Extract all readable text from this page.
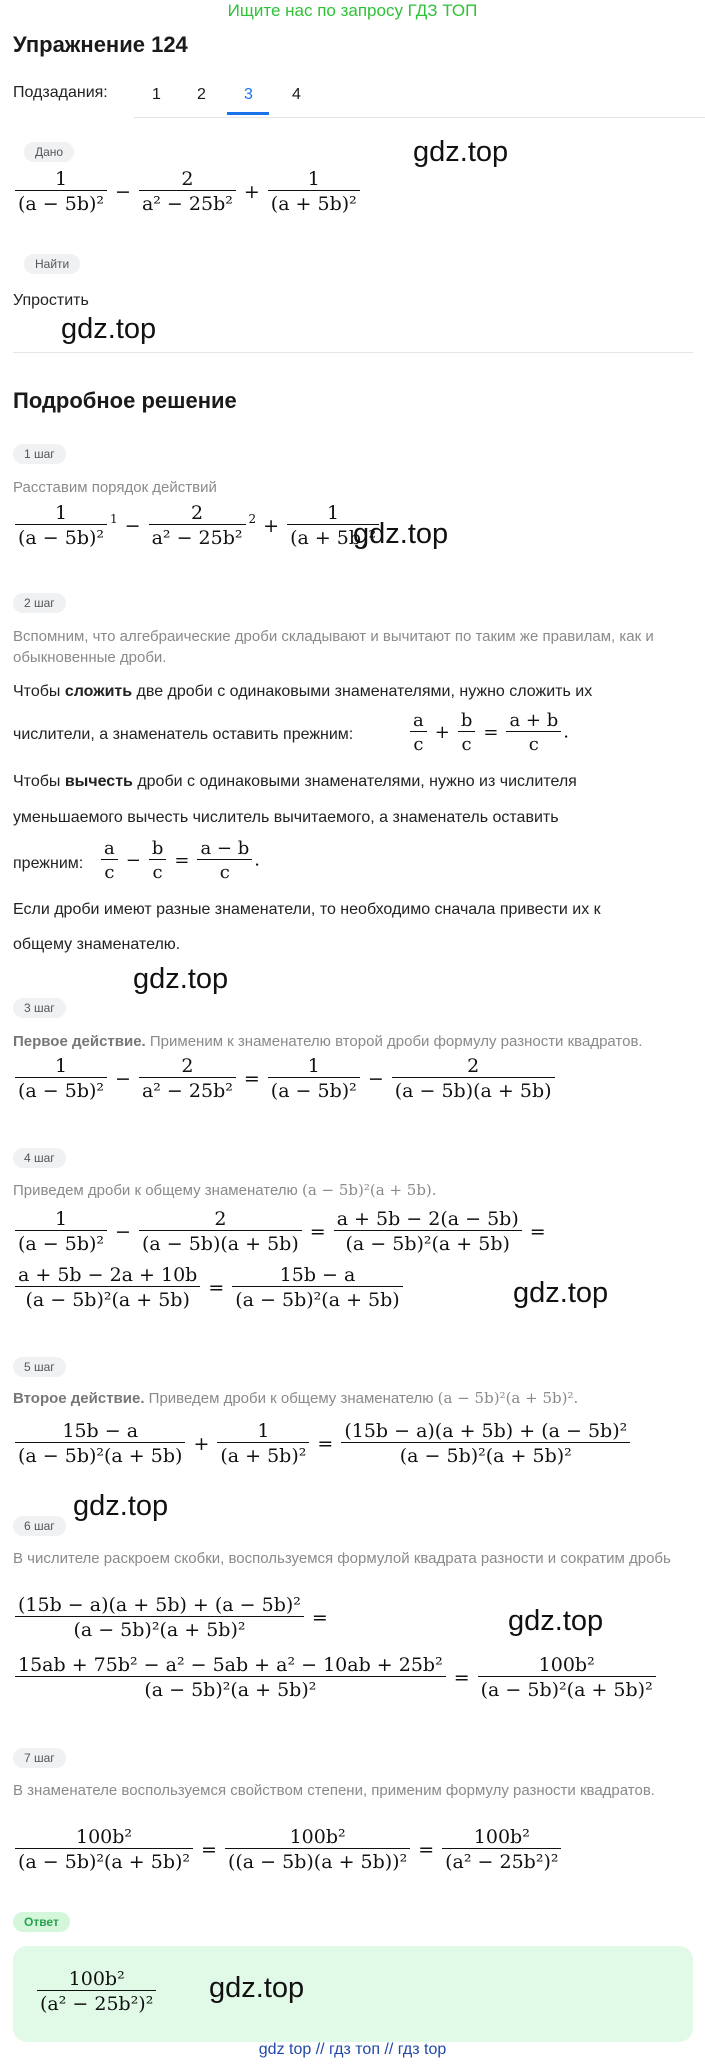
Ищите нас по запросу ГДЗ ТОП
Упражнение 124
Подзадания:	1 2 3 4
Дано
$\frac{1}{\text{(a − 5b)²}} - \frac{2}{\text{a² − 25b²}} + \frac{1}{\text{(a + 5b)²}}$
gdz.top
Найти
Упростить
gdz.top
Подробное решение
1 шаг
Расставим порядок действий
$\frac{1}{\text{(a − 5b)²}} ^1 - \frac{2}{\text{a² − 25b²}} ^2 + \frac{1}{\text{(a + 5b)²}}$
gdz.top
2 шаг
Вспомним, что алгебраические дроби складывают и вычитают по таким же правилам, как и обыкновенные дроби.
Чтобы сложить две дроби с одинаковыми знаменателями, нужно сложить их
числители, а знаменатель оставить прежним:	$\frac{a}{c} + \frac{b}{c} = \frac{a + b}{c}$ .
Чтобы вычесть дроби с одинаковыми знаменателями, нужно из числителя
уменьшаемого вычесть числитель вычитаемого, а знаменатель оставить
прежним: $\frac{a}{c} - \frac{b}{c} = \frac{a - b}{c}$ .
Если дроби имеют разные знаменатели, то необходимо сначала привести их к
общему знаменателю.
gdz.top
3 шаг
Первое действие. Применим к знаменателю второй дроби формулу разности квадратов.
$\frac{1}{\text{(a − 5b)²}} - \frac{2}{\text{a² − 25b²}} = \frac{1}{\text{(a − 5b)²}} - \frac{2}{(a - 5b)(a + 5b)}$
4 шаг
Приведем дроби к общему знаменателю (a − 5b)²(a + 5b).
$\frac{1}{\text{(a − 5b)²}} - \frac{2}{(a - 5b)(a + 5b)} = \frac{a + 5b - 2(a - 5b)}{\text{(a − 5b)²(a + 5b)}}$ =
$\frac{a + 5b - 2a + 10b}{\text{(a − 5b)²(a + 5b)}} = \frac{15b - a}{\text{(a − 5b)²(a + 5b)}}$	gdz.top
5 шаг
Второе действие. Приведем дроби к общему знаменателю (a − 5b)²(a + 5b)².
$\frac{15b - a}{\text{(a − 5b)²(a + 5b)}} + \frac{1}{\text{(a + 5b)²}} = \frac{\text{(15b − a)(a + 5b) + (a − 5b)²}}{\text{(a − 5b)²(a + 5b)²}}$
gdz.top
6 шаг
В числителе раскроем скобки, воспользуемся формулой квадрата разности и сократим дробь
$\frac{\text{(15b − a)(a + 5b) + (a − 5b)²}}{\text{(a − 5b)²(a + 5b)²}}$ =	gdz.top
$\frac{\text{15ab + 75b² − a² − 5ab + a² − 10ab + 25b²}}{\text{(a − 5b)²(a + 5b)²}} = \frac{\text{100b²}}{\text{(a − 5b)²(a + 5b)²}}$
7 шаг
В знаменателе воспользуемся свойством степени, применим формулу разности квадратов.
$\frac{\text{100b²}}{\text{(a − 5b)²(a + 5b)²}} = \frac{\text{100b²}}{\text{((a − 5b)(a + 5b))²}} = \frac{\text{100b²}}{\text{(a² − 25b²)²}}$
Ответ
$\frac{\text{100b²}}{\text{(a² − 25b²)²}} gdz.top$
gdz top // гдз топ // гдз top
